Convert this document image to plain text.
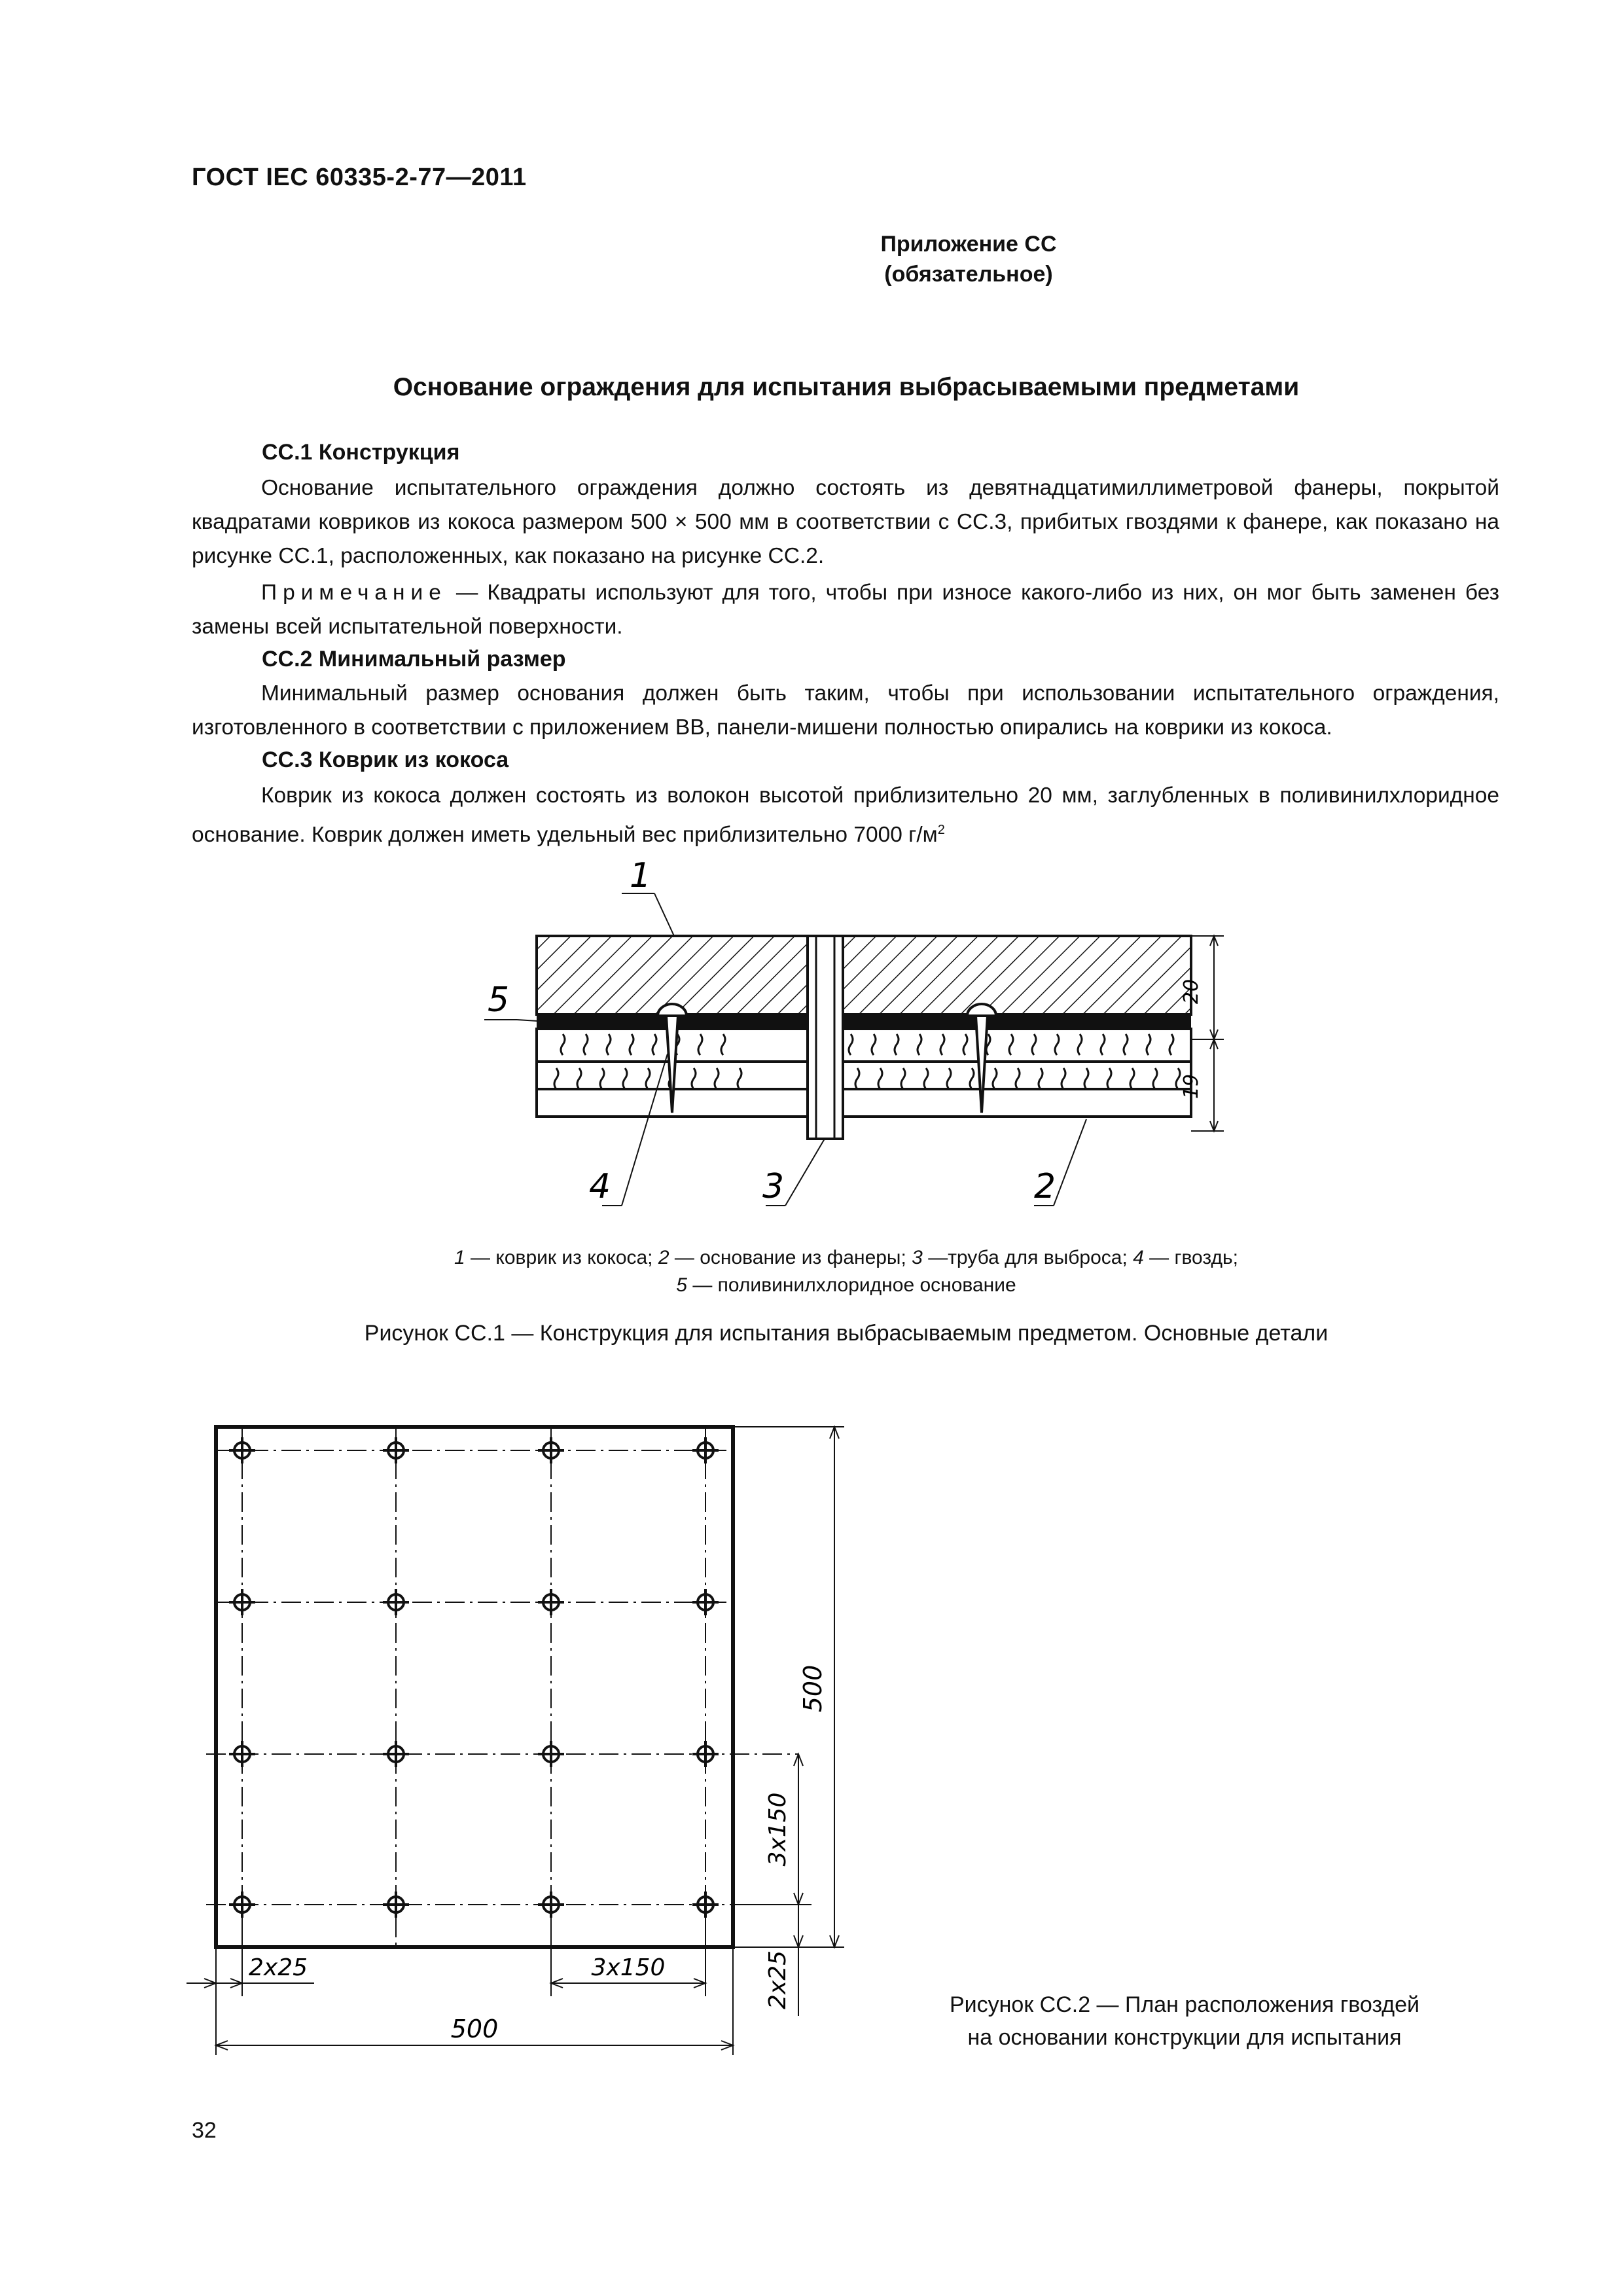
ГОСТ IEC 60335-2-77—2011
Приложение СС
(обязательное)
Основание ограждения для испытания выбрасываемыми предметами
СС.1 Конструкция
Основание испытательного ограждения должно состоять из девятнадцатимиллиметровой фанеры, покрытой квадратами ковриков из кокоса размером 500 × 500 мм в соответствии с СС.3, прибитых гвоздями к фанере, как показано на рисунке СС.1, расположенных, как показано на рисунке СС.2.
Примечание — Квадраты используют для того, чтобы при износе какого-либо из них, он мог быть заменен без замены всей испытательной поверхности.
СС.2 Минимальный размер
Минимальный размер основания должен быть таким, чтобы при использовании испытательного ограждения, изготовленного в соответствии с приложением ВВ, панели-мишени полностью опирались на коврики из кокоса.
СС.3 Коврик из кокоса
Коврик из кокоса должен состоять из волокон высотой приблизительно 20 мм, заглубленных в поливинилхлоридное основание. Коврик должен иметь удельный вес приблизительно 7000 $г/м^2$
20
19
1
5
4	3	2
1 — коврик из кокоса; 2 — основание из фанеры; 3 —труба для выброса; 4 — гвоздь;
5 — поливинилхлоридное основание
Рисунок СС.1 — Конструкция для испытания выбрасываемым предметом. Основные детали
500
3x150
2x25
2x25	3x150
500
Рисунок СС.2 — План расположения гвоздей
на основании конструкции для испытания
32
